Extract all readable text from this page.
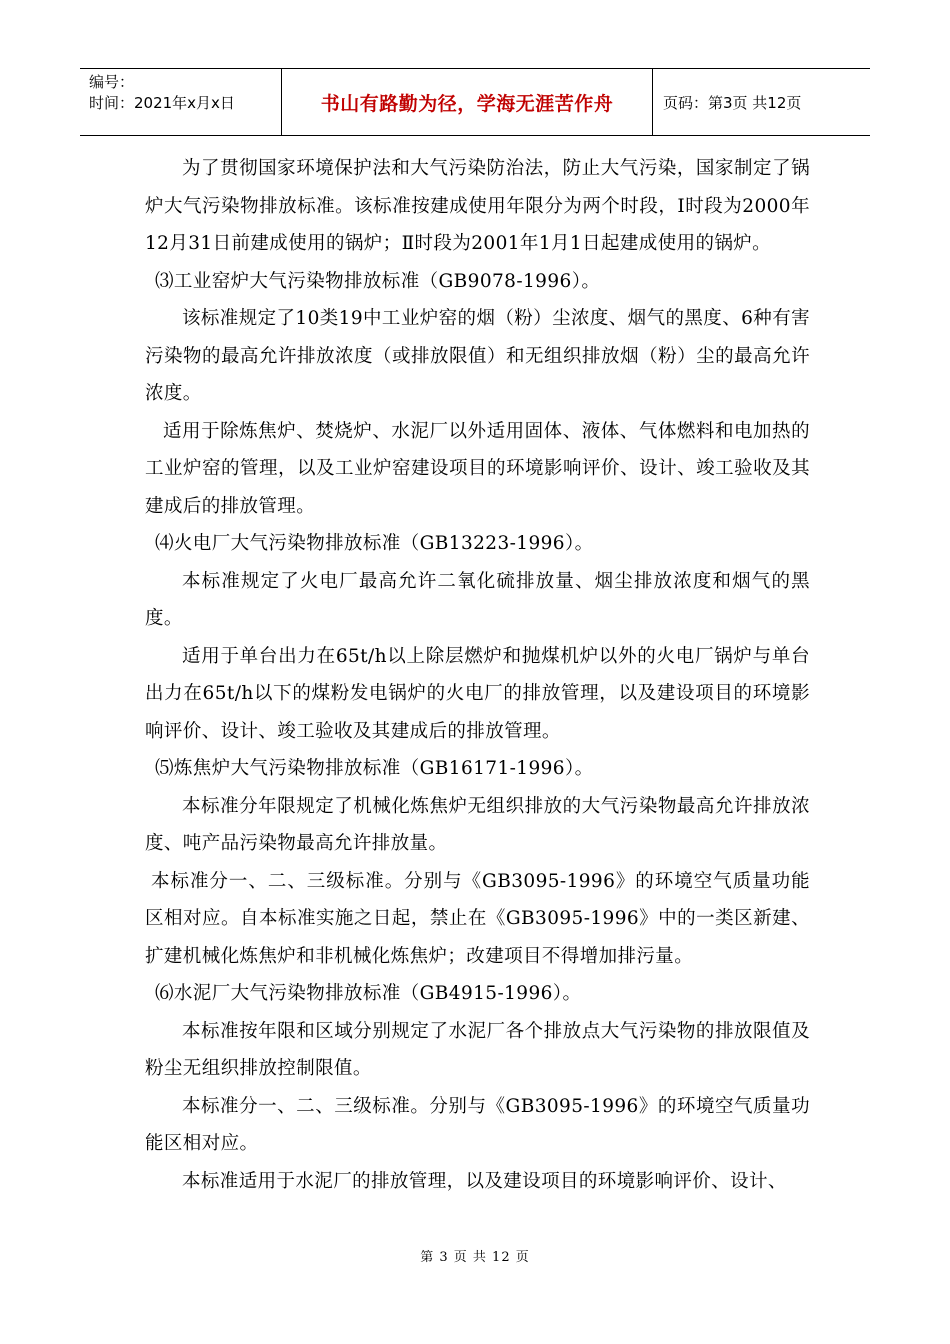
编号：
时间：2021年x月x日	书山有路勤为径，学海无涯苦作舟	页码：第3页 共12页

为了贯彻国家环境保护法和大气污染防治法，防止大气污染，国家制定了锅炉大气污染物排放标准。该标准按建成使用年限分为两个时段，Ⅰ时段为2000年12月31日前建成使用的锅炉；Ⅱ时段为2001年1月1日起建成使用的锅炉。

⑶工业窑炉大气污染物排放标准（GB9078-1996）。

该标准规定了10类19中工业炉窑的烟（粉）尘浓度、烟气的黑度、6种有害污染物的最高允许排放浓度（或排放限值）和无组织排放烟（粉）尘的最高允许浓度。

适用于除炼焦炉、焚烧炉、水泥厂以外适用固体、液体、气体燃料和电加热的工业炉窑的管理，以及工业炉窑建设项目的环境影响评价、设计、竣工验收及其建成后的排放管理。

⑷火电厂大气污染物排放标准（GB13223-1996）。

本标准规定了火电厂最高允许二氧化硫排放量、烟尘排放浓度和烟气的黑度。

适用于单台出力在65t/h以上除层燃炉和抛煤机炉以外的火电厂锅炉与单台出力在65t/h以下的煤粉发电锅炉的火电厂的排放管理，以及建设项目的环境影响评价、设计、竣工验收及其建成后的排放管理。

⑸炼焦炉大气污染物排放标准（GB16171-1996）。

本标准分年限规定了机械化炼焦炉无组织排放的大气污染物最高允许排放浓度、吨产品污染物最高允许排放量。

本标准分一、二、三级标准。分别与《GB3095-1996》的环境空气质量功能区相对应。自本标准实施之日起，禁止在《GB3095-1996》中的一类区新建、扩建机械化炼焦炉和非机械化炼焦炉；改建项目不得增加排污量。

⑹水泥厂大气污染物排放标准（GB4915-1996）。

本标准按年限和区域分别规定了水泥厂各个排放点大气污染物的排放限值及粉尘无组织排放控制限值。

本标准分一、二、三级标准。分别与《GB3095-1996》的环境空气质量功能区相对应。

本标准适用于水泥厂的排放管理，以及建设项目的环境影响评价、设计、

第 3 页 共 12 页
